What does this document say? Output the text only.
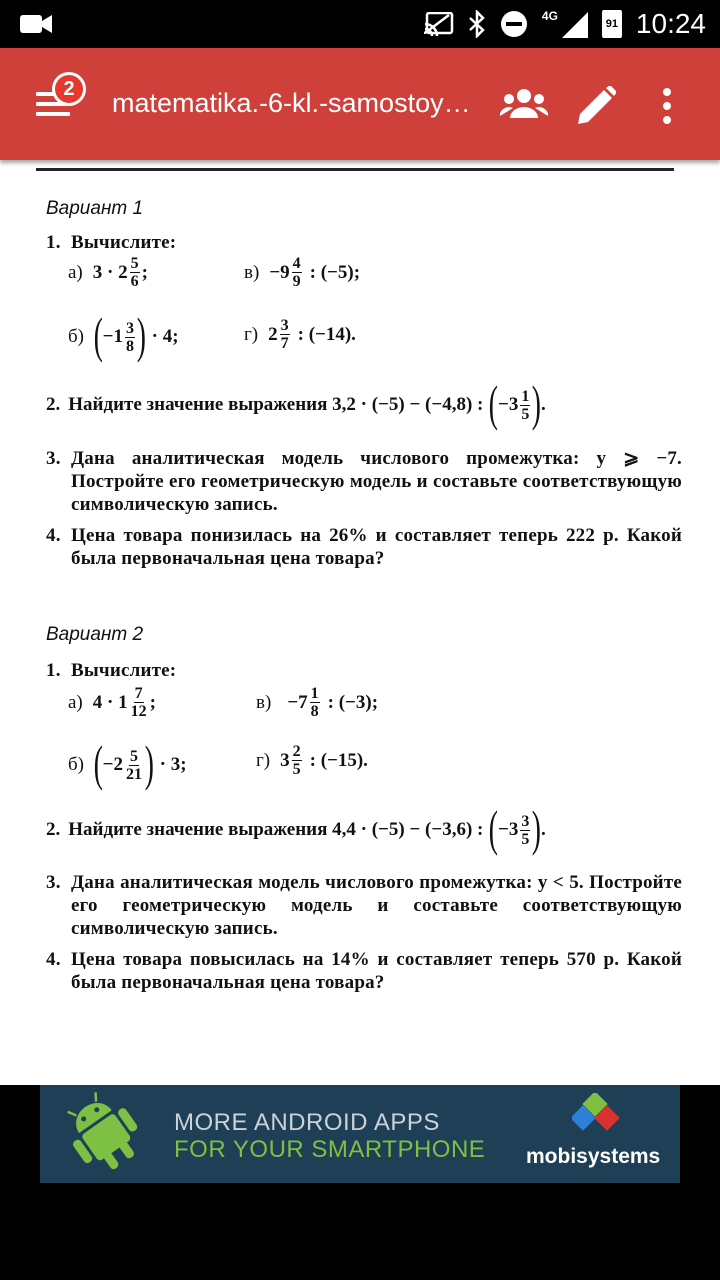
4G
91 10:24
2	matematika.-6-kl.-samostoy…
Вариант 1
1. Вычислите:
а) $3 \cdot 2 \frac{5}{6}$ ;	$в) -9 \frac{4}{9}$ : (−5);
б) ( $-1 \frac{3}{8}$ ) · 4;	г) $2 \frac{3}{7}$ : (−14).
2. Найдите значение выражения 3,2 · (−5) − (−4,8) : ( $-3 \frac{1}{5}$ ) .
3. Дана аналитическая модель числового промежутка: y ⩾ −7. Постройте его геометрическую модель и составьте соответствующую символическую запись.
4. Цена товара понизилась на 26% и составляет теперь 222 р. Какой была первоначальная цена товара?
Вариант 2
1. Вычислите:
а) $4 \cdot 1 \frac{7}{12}$ ;	$в) -7 \frac{1}{8}$ : (−3);
б) ( $-2 \frac{5}{21}$ ) · 3;	г) $3 \frac{2}{5}$ : (−15).
2. Найдите значение выражения 4,4 · (−5) − (−3,6) : ( $-3 \frac{3}{5}$ ) .
3. Дана аналитическая модель числового промежутка: y < 5. Постройте его геометрическую модель и составьте соответствующую символическую запись.
4. Цена товара повысилась на 14% и составляет теперь 570 р. Какой была первоначальная цена товара?
MORE ANDROID APPS
FOR YOUR SMARTPHONE mobisystems
